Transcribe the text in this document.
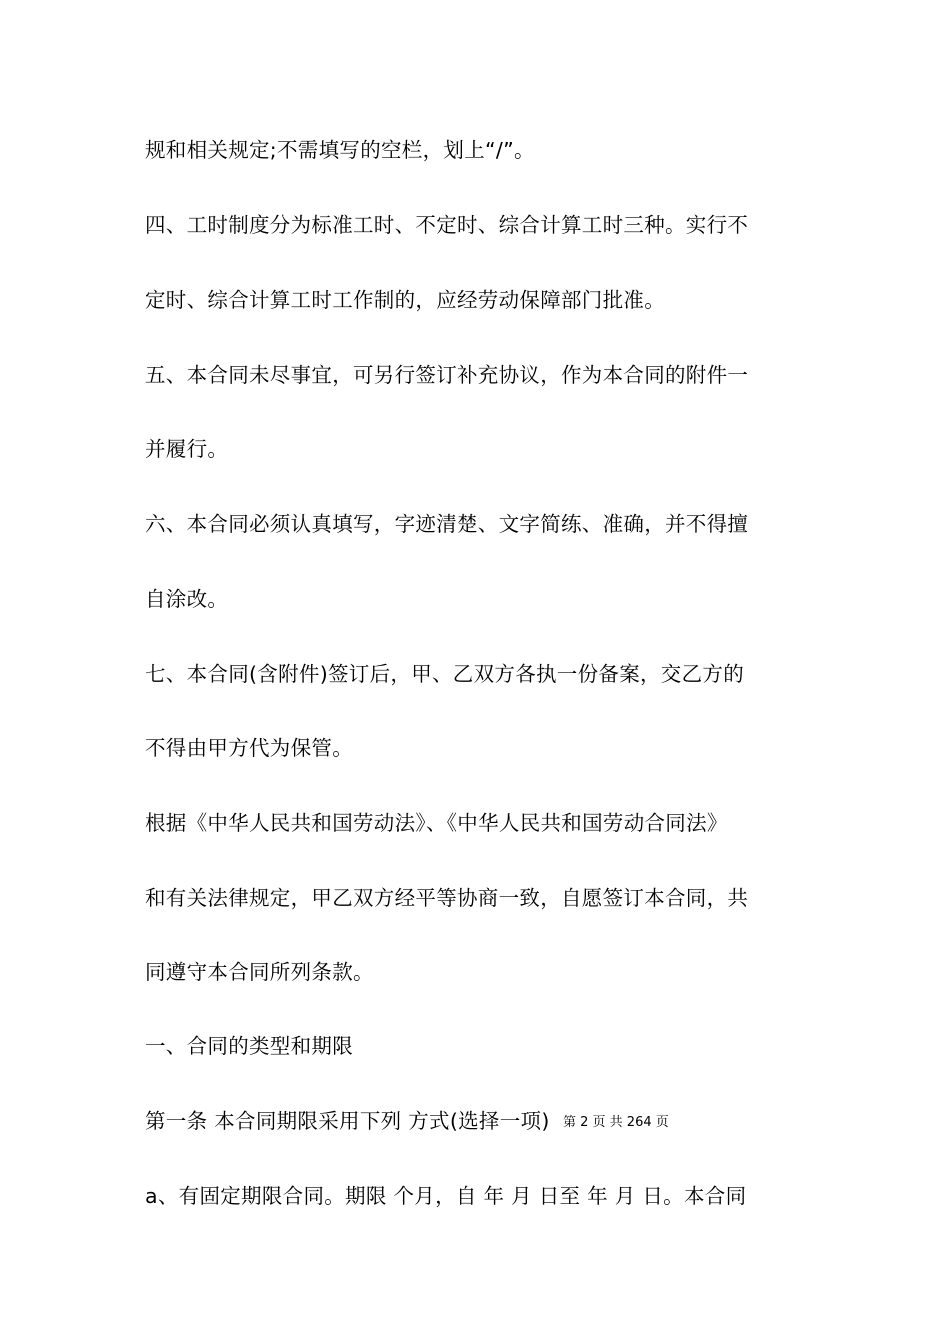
规和相关规定;不需填写的空栏，划上“/”。
四、工时制度分为标准工时、不定时、综合计算工时三种。实行不
定时、综合计算工时工作制的，应经劳动保障部门批准。
五、本合同未尽事宜，可另行签订补充协议，作为本合同的附件一
并履行。
六、本合同必须认真填写，字迹清楚、文字简练、准确，并不得擅
自涂改。
七、本合同(含附件)签订后，甲、乙双方各执一份备案，交乙方的
不得由甲方代为保管。
根据《中华人民共和国劳动法》、《中华人民共和国劳动合同法》
和有关法律规定，甲乙双方经平等协商一致，自愿签订本合同，共
同遵守本合同所列条款。
一、合同的类型和期限
第一条 本合同期限采用下列 方式(选择一项)
a、有固定期限合同。期限 个月，自 年 月 日至 年 月 日。本合同
第 2 页 共 264 页
